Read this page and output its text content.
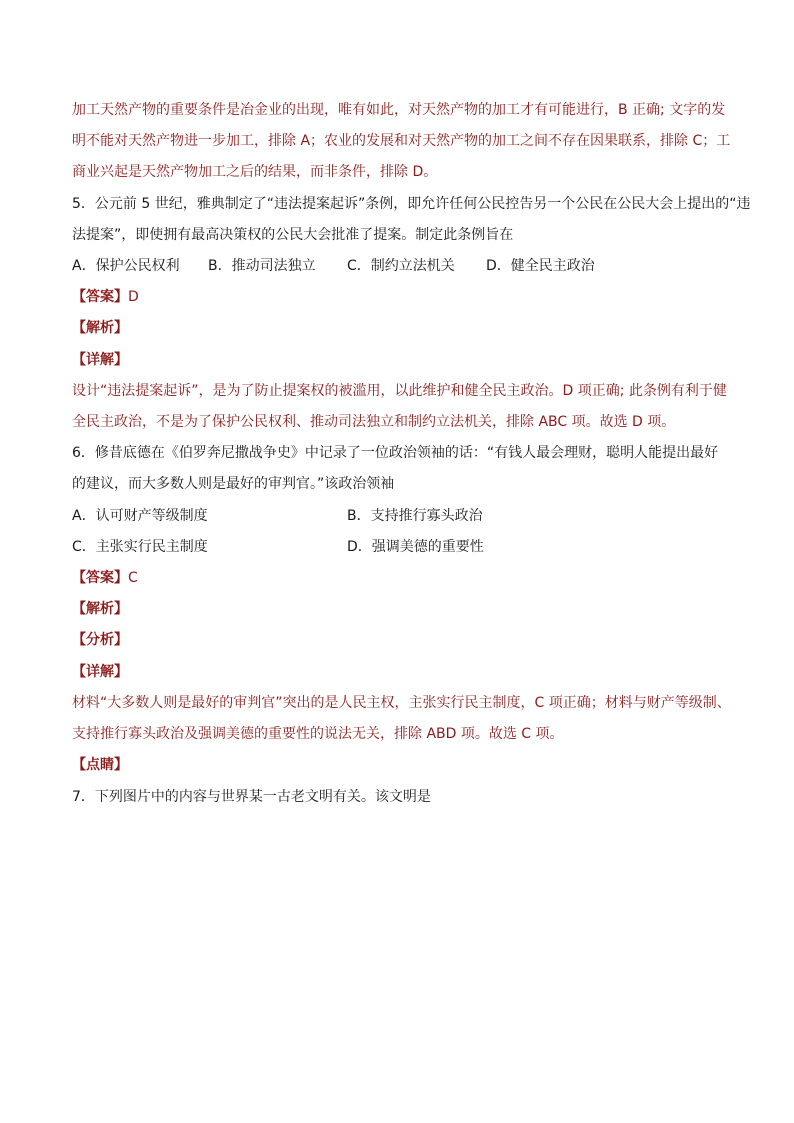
加工天然产物的重要条件是冶金业的出现，唯有如此，对天然产物的加工才有可能进行，B 正确; 文字的发
明不能对天然产物进一步加工，排除 A；农业的发展和对天然产物的加工之间不存在因果联系，排除 C；工
商业兴起是天然产物加工之后的结果，而非条件，排除 D。
5．公元前 5 世纪，雅典制定了“违法提案起诉”条例，即允许任何公民控告另一个公民在公民大会上提出的“违
法提案”，即使拥有最高决策权的公民大会批准了提案。制定此条例旨在
A．保护公民权利 B．推动司法独立 C．制约立法机关 D．健全民主政治
【答案】D
【解析】
【详解】
设计“违法提案起诉”，是为了防止提案权的被滥用，以此维护和健全民主政治。D 项正确; 此条例有利于健
全民主政治，不是为了保护公民权利、推动司法独立和制约立法机关，排除 ABC 项。故选 D 项。
6．修昔底德在《伯罗奔尼撒战争史》中记录了一位政治领袖的话：“有钱人最会理财，聪明人能提出最好
的建议，而大多数人则是最好的审判官。”该政治领袖
A．认可财产等级制度	B．支持推行寡头政治
C．主张实行民主制度	D．强调美德的重要性
【答案】C
【解析】
【分析】
【详解】
材料“大多数人则是最好的审判官”突出的是人民主权，主张实行民主制度，C 项正确；材料与财产等级制、
支持推行寡头政治及强调美德的重要性的说法无关，排除 ABD 项。故选 C 项。
【点睛】
7．下列图片中的内容与世界某一古老文明有关。该文明是
